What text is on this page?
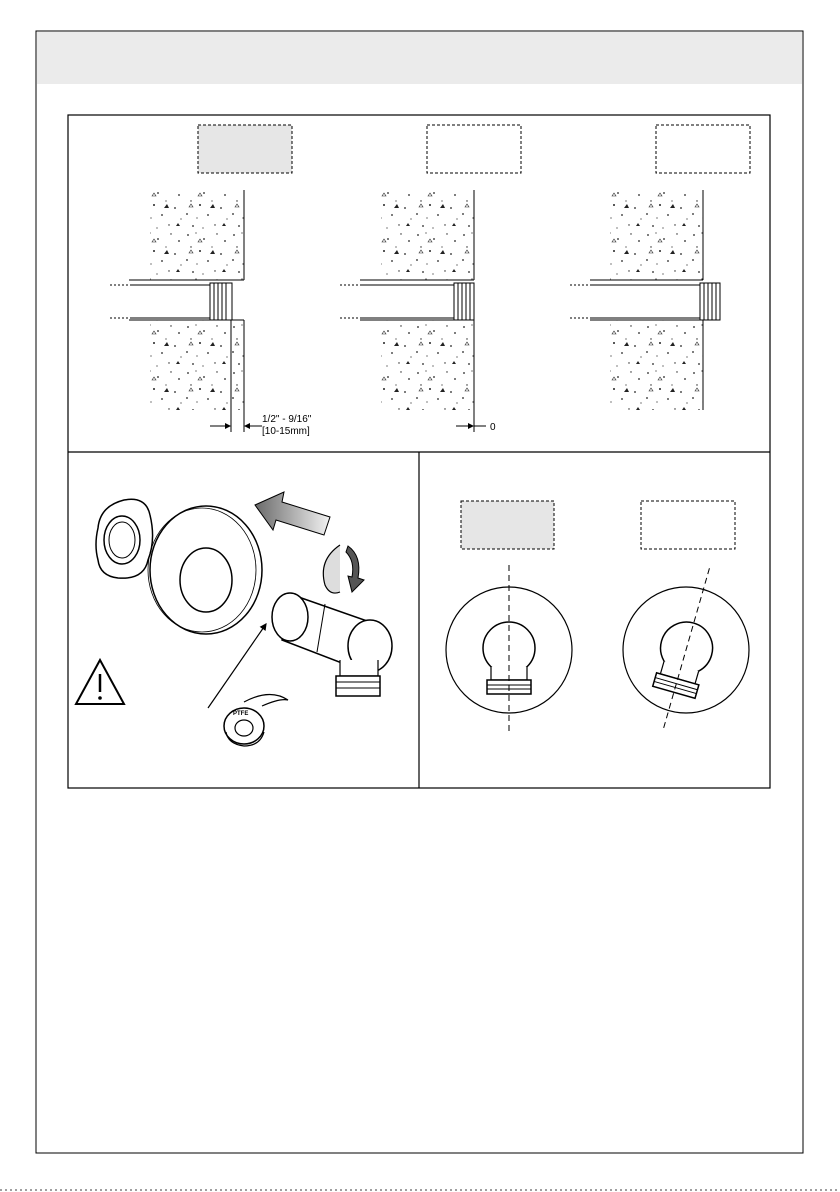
1/2" - 9/16"
[10-15mm]	0
PTFE
